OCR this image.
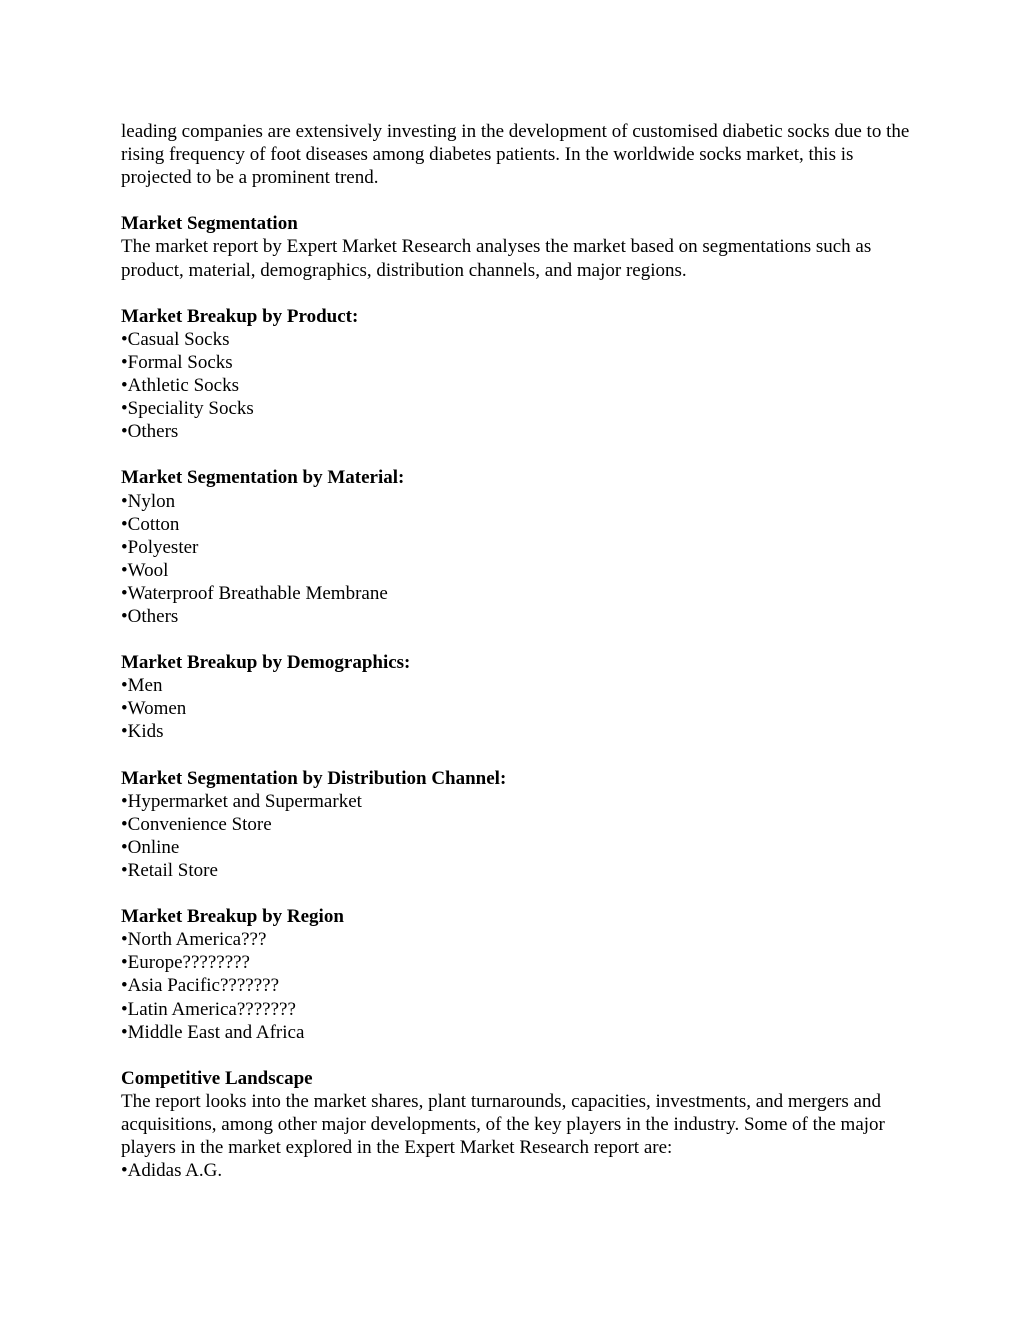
leading companies are extensively investing in the development of customised diabetic socks due to the rising frequency of foot diseases among diabetes patients. In the worldwide socks market, this is projected to be a prominent trend.

Market Segmentation

The market report by Expert Market Research analyses the market based on segmentations such as product, material, demographics, distribution channels, and major regions.

Market Breakup by Product:

•Casual Socks
•Formal Socks
•Athletic Socks
•Speciality Socks
•Others

Market Segmentation by Material:

•Nylon
•Cotton
•Polyester
•Wool
•Waterproof Breathable Membrane
•Others

Market Breakup by Demographics:

•Men
•Women
•Kids

Market Segmentation by Distribution Channel:

•Hypermarket and Supermarket
•Convenience Store
•Online
•Retail Store

Market Breakup by Region

•North America???
•Europe????????
•Asia Pacific???????
•Latin America???????
•Middle East and Africa

Competitive Landscape

The report looks into the market shares, plant turnarounds, capacities, investments, and mergers and acquisitions, among other major developments, of the key players in the industry. Some of the major players in the market explored in the Expert Market Research report are:

•Adidas A.G.
